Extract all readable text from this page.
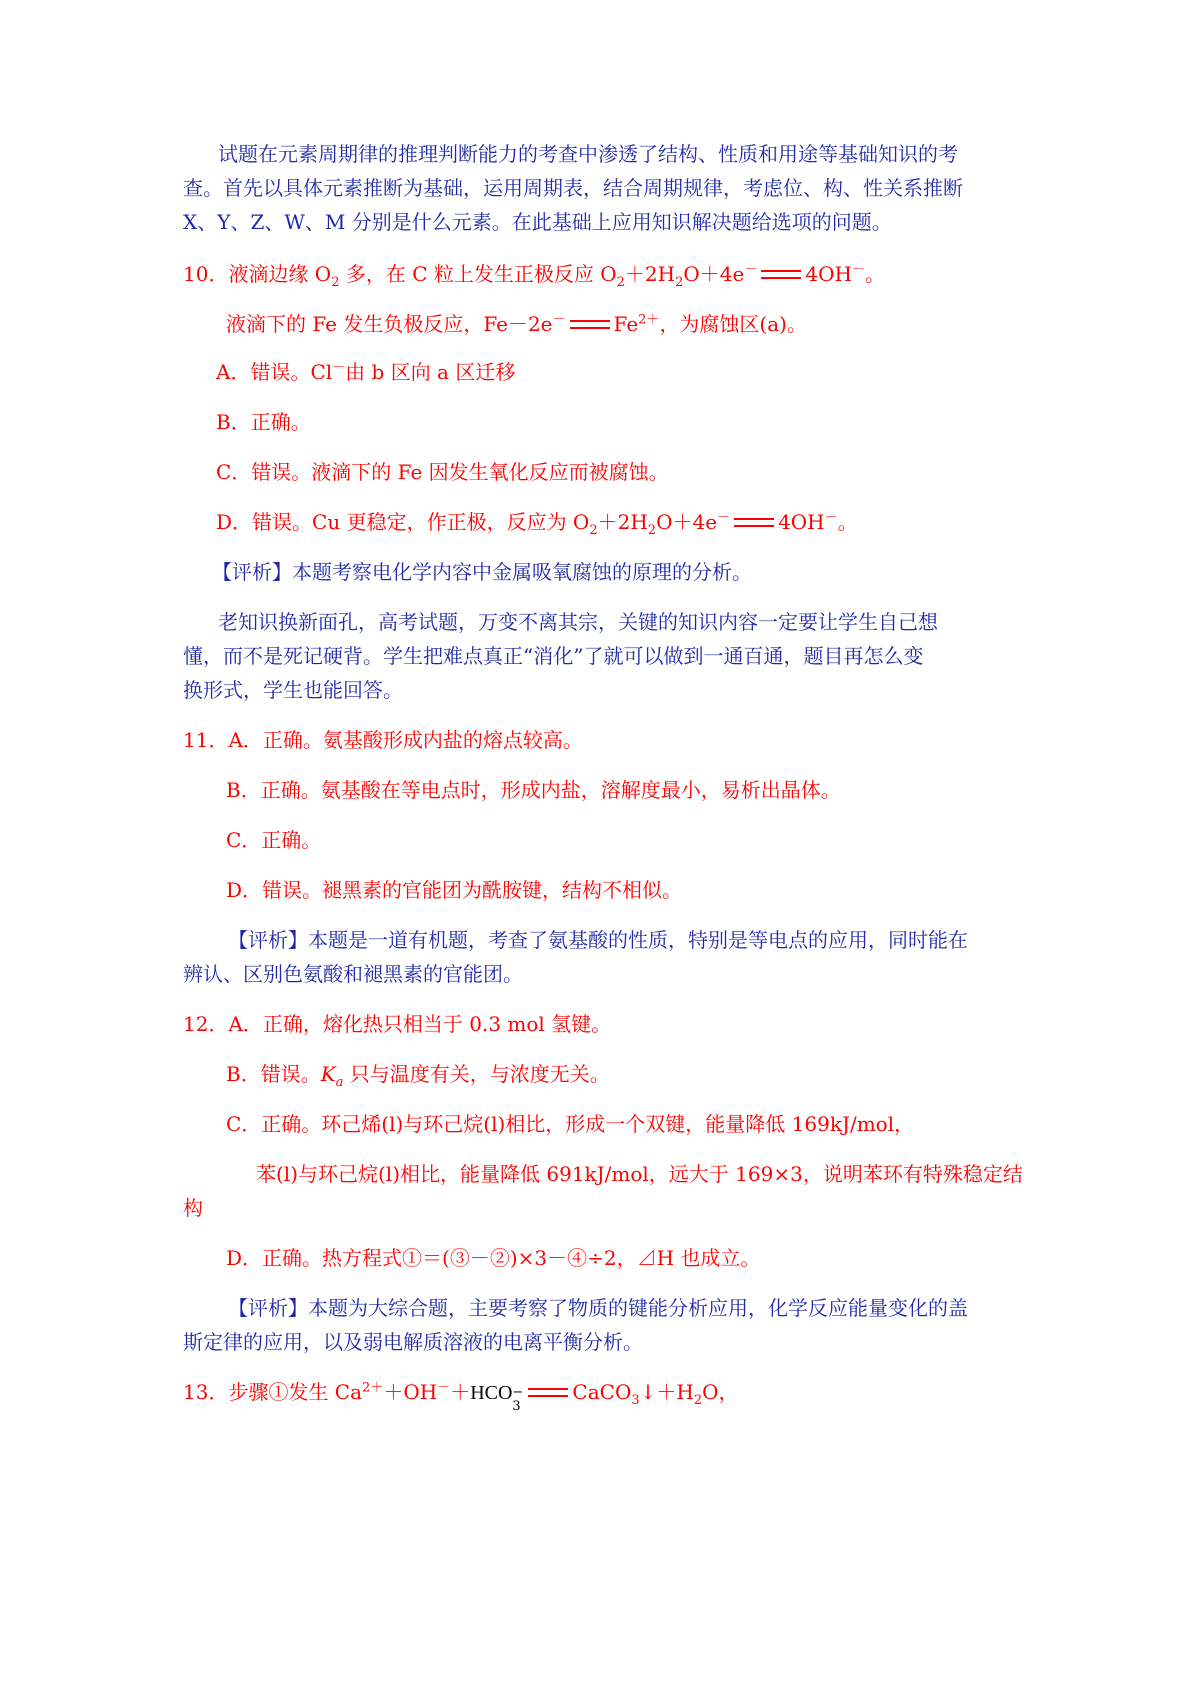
试题在元素周期律的推理判断能力的考查中渗透了结构、性质和用途等基础知识的考
查。首先以具体元素推断为基础，运用周期表，结合周期规律，考虑位、构、性关系推断
X、Y、Z、W、M 分别是什么元素。在此基础上应用知识解决题给选项的问题。
10．液滴边缘 $O_2$ 多，在 C 粒上发生正极反应 $O_2+2H_2O+4e^-$ 4OH－。
液滴下的 Fe 发生负极反应，Fe－2e－ $Fe^{2+}$，为腐蚀区(a)。
A．错误。Cl－由 b 区向 a 区迁移
B．正确。
C．错误。液滴下的 Fe 因发生氧化反应而被腐蚀。
D．错误。Cu 更稳定，作正极，反应为 $O_2+2H_2O+4e^-$ 4OH－。
【评析】本题考察电化学内容中金属吸氧腐蚀的原理的分析。
老知识换新面孔，高考试题，万变不离其宗，关键的知识内容一定要让学生自己想
懂，而不是死记硬背。学生把难点真正“消化”了就可以做到一通百通，题目再怎么变
换形式，学生也能回答。
11．A．正确。氨基酸形成内盐的熔点较高。
B．正确。氨基酸在等电点时，形成内盐，溶解度最小，易析出晶体。
C．正确。
D．错误。褪黑素的官能团为酰胺键，结构不相似。
【评析】本题是一道有机题，考查了氨基酸的性质，特别是等电点的应用，同时能在
辨认、区别色氨酸和褪黑素的官能团。
12．A．正确，熔化热只相当于 0.3 mol 氢键。
B．错误。$K_a$ 只与温度有关，与浓度无关。
C．正确。环己烯(l)与环己烷(l)相比，形成一个双键，能量降低 169kJ/mol，
苯(l)与环己烷(l)相比，能量降低 691kJ/mol，远大于 169×3，说明苯环有特殊稳定结
构
D．正确。热方程式①＝(③－②)×3－④÷2，⊿H 也成立。
【评析】本题为大综合题，主要考察了物质的键能分析应用，化学反应能量变化的盖
斯定律的应用，以及弱电解质溶液的电离平衡分析。
13．步骤①发生 $Ca^{2+}+OH^-+HCO$ −
3
$CaCO_3↓+H_2O$，
